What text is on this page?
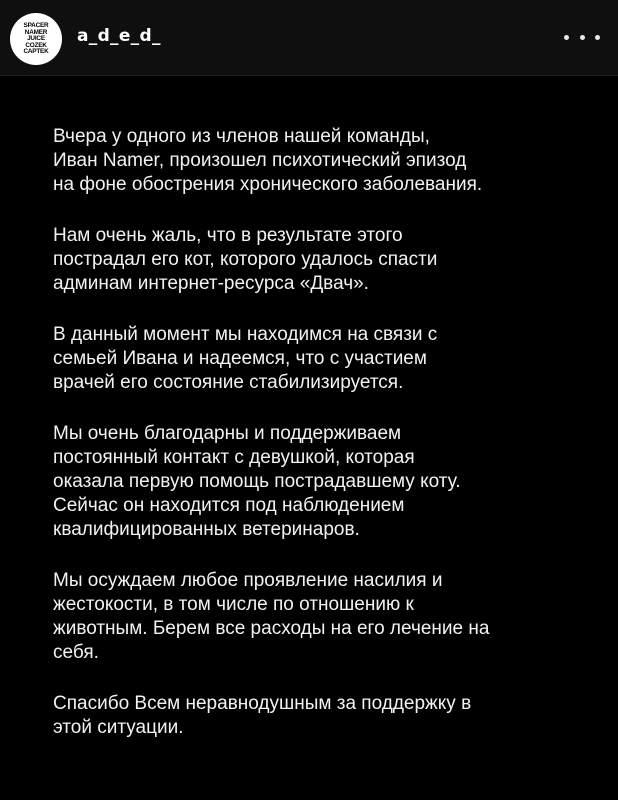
SPACER
NAMER
JUICE
COZEK
CAPTEK
a_d_e_d_
Вчера у одного из членов нашей команды,
Иван Namer, произошел психотический эпизод
на фоне обострения хронического заболевания.
Нам очень жаль, что в результате этого
пострадал его кот, которого удалось спасти
админам интернет-ресурса «Двач».
В данный момент мы находимся на связи с
семьей Ивана и надеемся, что с участием
врачей его состояние стабилизируется.
Мы очень благодарны и поддерживаем
постоянный контакт с девушкой, которая
оказала первую помощь пострадавшему коту.
Сейчас он находится под наблюдением
квалифицированных ветеринаров.
Мы осуждаем любое проявление насилия и
жестокости, в том числе по отношению к
животным. Берем все расходы на его лечение на
себя.
Спасибо Всем неравнодушным за поддержку в
этой ситуации.
